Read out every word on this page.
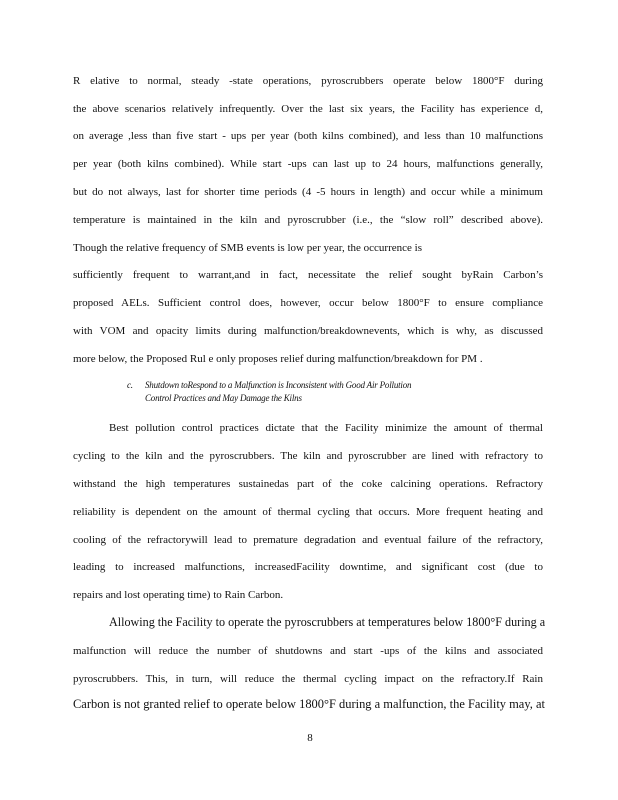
R elative to normal, steady -state operations, pyroscrubbers operate below 1800°F during
the above scenarios relatively infrequently. Over the last six years, the Facility has experience d,
on average ,less than five start - ups per year (both kilns combined), and less than 10 malfunctions
per year (both kilns combined). While start -ups can last up to 24 hours, malfunctions generally,
but do not always, last for shorter time periods (4 -5 hours in length) and occur while a minimum
temperature is maintained in the kiln and pyroscrubber (i.e., the “slow roll” described above).
Though the relative frequency of SMB events is low per year, the occurrence is
sufficiently frequent to warrant,and in fact, necessitate the relief sought byRain Carbon’s
proposed AELs. Sufficient control does, however, occur below 1800°F to ensure compliance
with VOM and opacity limits during malfunction/breakdownevents, which is why, as discussed
more below, the Proposed Rul e only proposes relief during malfunction/breakdown for PM .
c. Shutdown toRespond to a Malfunction is Inconsistent with Good Air Pollution
Control Practices and May Damage the Kilns
Best pollution control practices dictate that the Facility minimize the amount of thermal
cycling to the kiln and the pyroscrubbers. The kiln and pyroscrubber are lined with refractory to
withstand the high temperatures sustainedas part of the coke calcining operations. Refractory
reliability is dependent on the amount of thermal cycling that occurs. More frequent heating and
cooling of the refractorywill lead to premature degradation and eventual failure of the refractory,
leading to increased malfunctions, increasedFacility downtime, and significant cost (due to
repairs and lost operating time) to Rain Carbon.
Allowing the Facility to operate the pyroscrubbers at temperatures below 1800°F during a
malfunction will reduce the number of shutdowns and start -ups of the kilns and associated
pyroscrubbers. This, in turn, will reduce the thermal cycling impact on the refractory.If Rain
Carbon is not granted relief to operate below 1800°F during a malfunction, the Facility may, at
8
